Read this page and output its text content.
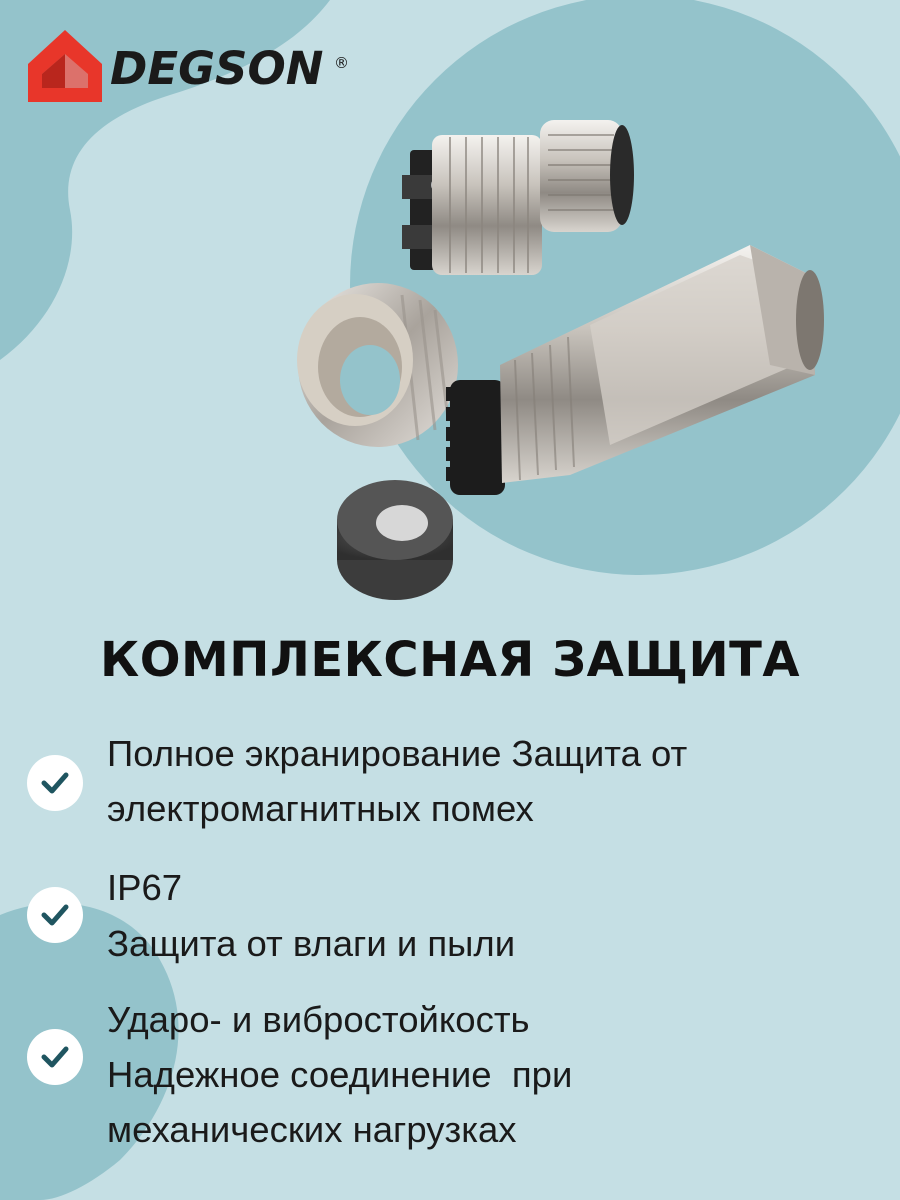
DEGSON ®
КОМПЛЕКСНАЯ ЗАЩИТА

Полное экранирование Защита от

электромагнитных помех

IP67

Защита от влаги и пыли

Ударо- и вибростойкость

Надежное соединение  при

механических нагрузках
